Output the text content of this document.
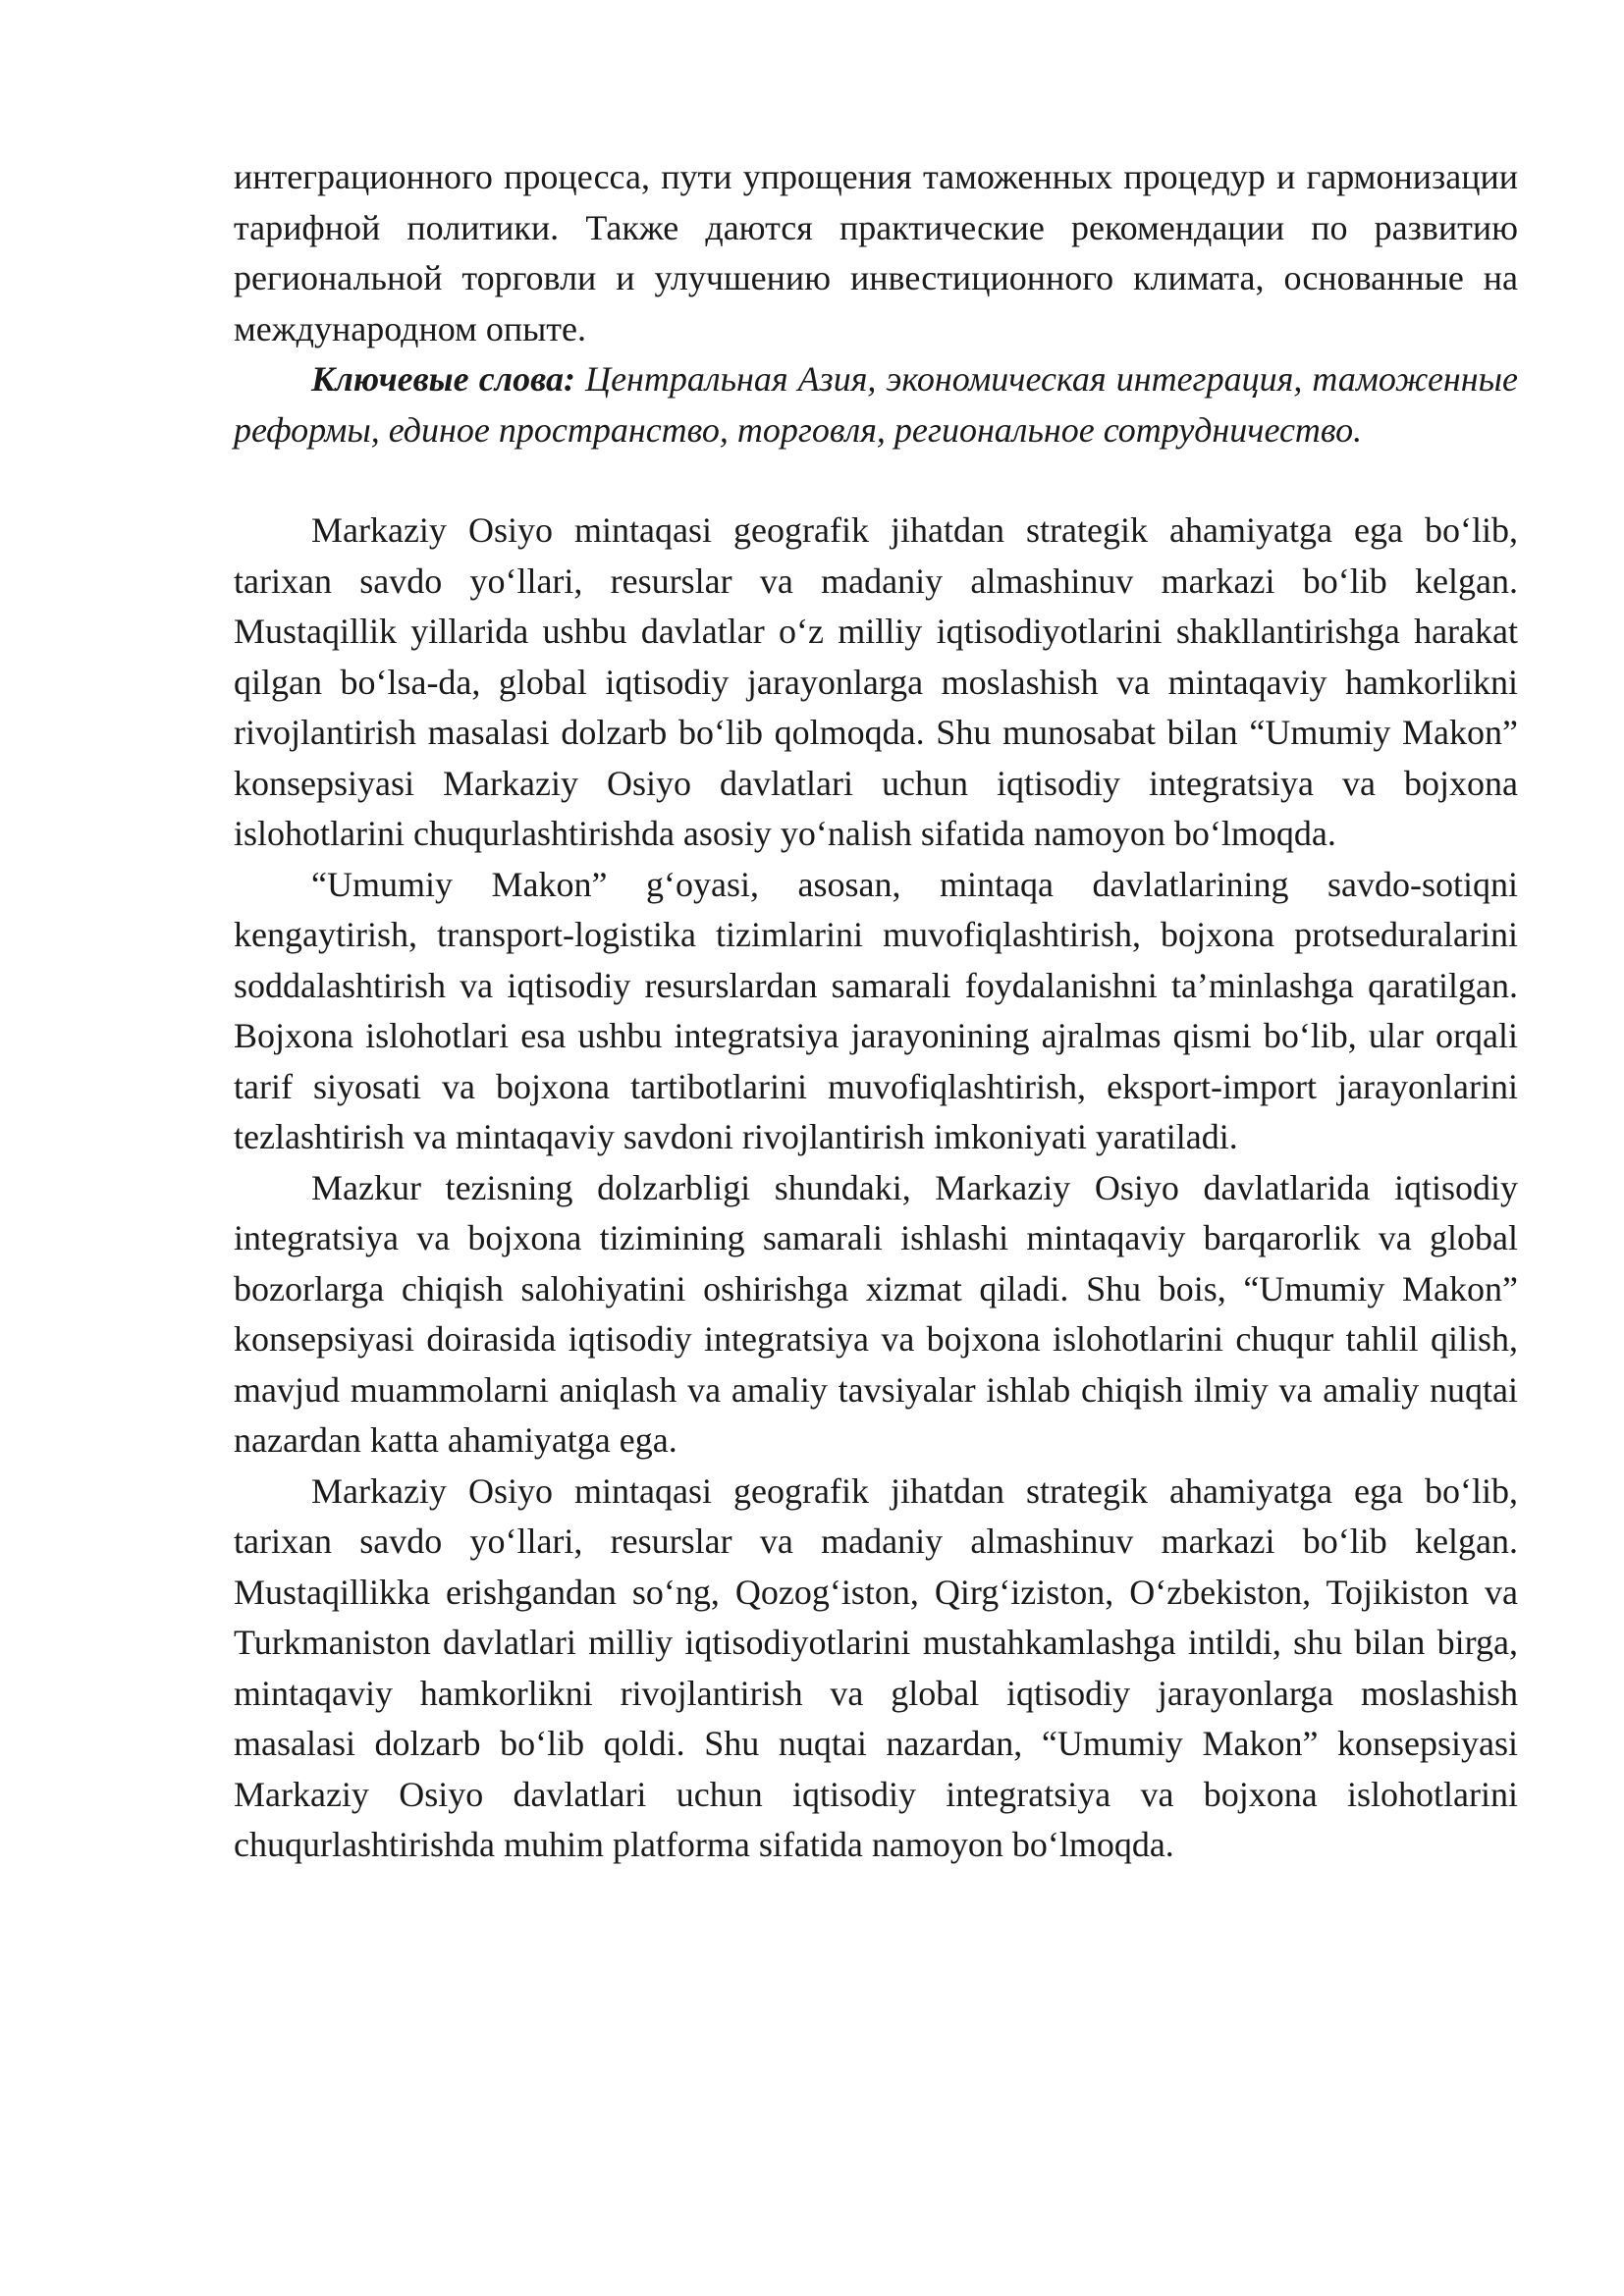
интеграционного процесса, пути упрощения таможенных процедур и гармонизации тарифной политики. Также даются практические рекомендации по развитию региональной торговли и улучшению инвестиционного климата, основанные на международном опыте.

Ключевые слова: Центральная Азия, экономическая интеграция, таможенные реформы, единое пространство, торговля, региональное сотрудничество.

Markaziy Osiyo mintaqasi geografik jihatdan strategik ahamiyatga ega bo‘lib, tarixan savdo yo‘llari, resurslar va madaniy almashinuv markazi bo‘lib kelgan. Mustaqillik yillarida ushbu davlatlar o‘z milliy iqtisodiyotlarini shakllantirishga harakat qilgan bo‘lsa-da, global iqtisodiy jarayonlarga moslashish va mintaqaviy hamkorlikni rivojlantirish masalasi dolzarb bo‘lib qolmoqda. Shu munosabat bilan “Umumiy Makon” konsepsiyasi Markaziy Osiyo davlatlari uchun iqtisodiy integratsiya va bojxona islohotlarini chuqurlashtirishda asosiy yo‘nalish sifatida namoyon bo‘lmoqda.

“Umumiy Makon” g‘oyasi, asosan, mintaqa davlatlarining savdo-sotiqni kengaytirish, transport-logistika tizimlarini muvofiqlashtirish, bojxona protseduralarini soddalashtirish va iqtisodiy resurslardan samarali foydalanishni ta’minlashga qaratilgan. Bojxona islohotlari esa ushbu integratsiya jarayonining ajralmas qismi bo‘lib, ular orqali tarif siyosati va bojxona tartibotlarini muvofiqlashtirish, eksport-import jarayonlarini tezlashtirish va mintaqaviy savdoni rivojlantirish imkoniyati yaratiladi.

Mazkur tezisning dolzarbligi shundaki, Markaziy Osiyo davlatlarida iqtisodiy integratsiya va bojxona tizimining samarali ishlashi mintaqaviy barqarorlik va global bozorlarga chiqish salohiyatini oshirishga xizmat qiladi. Shu bois, “Umumiy Makon” konsepsiyasi doirasida iqtisodiy integratsiya va bojxona islohotlarini chuqur tahlil qilish, mavjud muammolarni aniqlash va amaliy tavsiyalar ishlab chiqish ilmiy va amaliy nuqtai nazardan katta ahamiyatga ega.

Markaziy Osiyo mintaqasi geografik jihatdan strategik ahamiyatga ega bo‘lib, tarixan savdo yo‘llari, resurslar va madaniy almashinuv markazi bo‘lib kelgan. Mustaqillikka erishgandan so‘ng, Qozog‘iston, Qirg‘iziston, O‘zbekiston, Tojikiston va Turkmaniston davlatlari milliy iqtisodiyotlarini mustahkamlashga intildi, shu bilan birga, mintaqaviy hamkorlikni rivojlantirish va global iqtisodiy jarayonlarga moslashish masalasi dolzarb bo‘lib qoldi. Shu nuqtai nazardan, “Umumiy Makon” konsepsiyasi Markaziy Osiyo davlatlari uchun iqtisodiy integratsiya va bojxona islohotlarini chuqurlashtirishda muhim platforma sifatida namoyon bo‘lmoqda.
